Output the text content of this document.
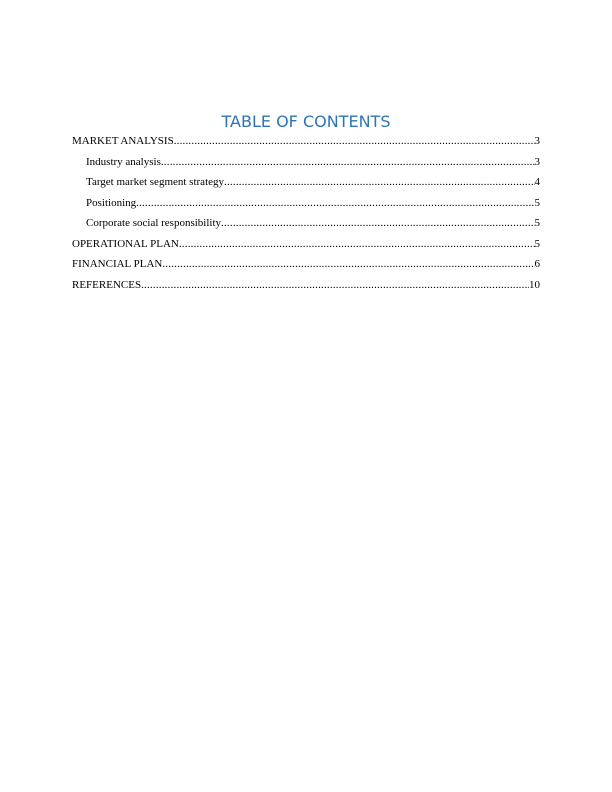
TABLE OF CONTENTS
MARKET ANALYSIS .....	3
Industry analysis .....	3
Target market segment strategy .....	4
Positioning .....	5
Corporate social responsibility .....	5
OPERATIONAL PLAN .....	5
FINANCIAL PLAN .....	6
REFERENCES .....	10
